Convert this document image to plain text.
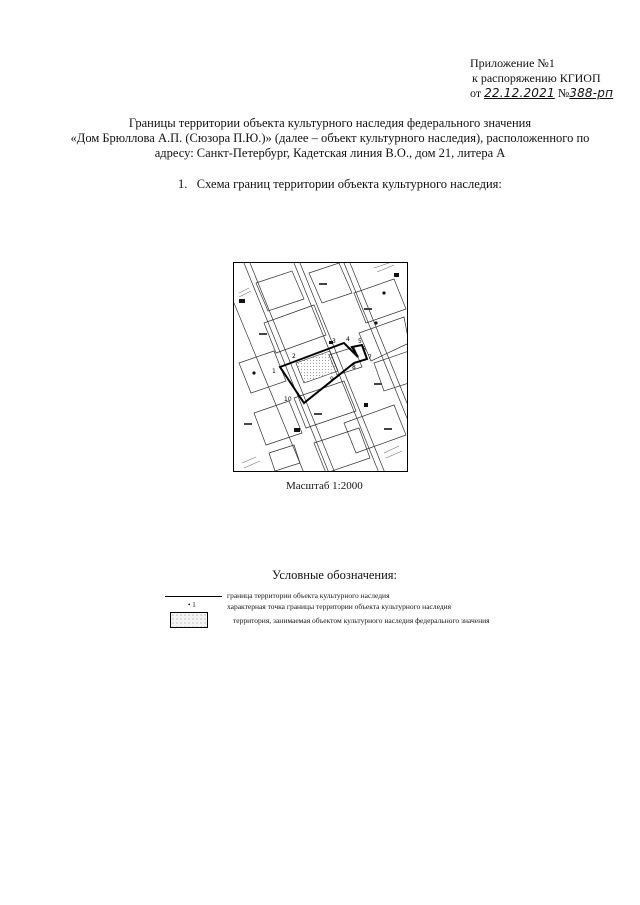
Приложение №1
к распоряжению КГИОП
от 22.12.2021 №388-рп
Границы территории объекта культурного наследия федерального значения
«Дом Брюллова А.П. (Сюзора П.Ю.)» (далее – объект культурного наследия), расположенного по
адресу: Санкт-Петербург, Кадетская линия В.О., дом 21, литера А
1. Схема границ территории объекта культурного наследия:
1
2
3 4 5
6
7
8
9
10
Масштаб 1:2000
Условные обозначения:
граница территории объекта культурного наследия
• 1	характерная точка границы территории объекта культурного наследия
территория, занимаемая объектом культурного наследия федерального значения
